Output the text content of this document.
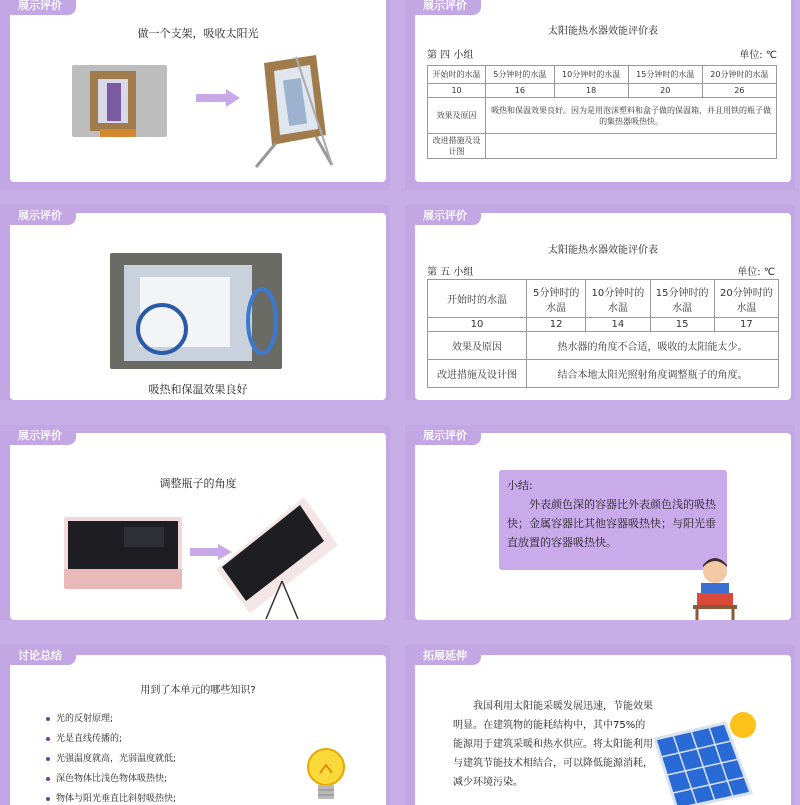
做一个支架，吸收太阳光
展示评价
太阳能热水器效能评价表
第 四 小组	单位: ℃
开始时的水温	5分钟时的水温	10分钟时的水温	15分钟时的水温	20分钟时的水温
10	16	18	20	26
效果及原因	吸热和保温效果良好。因为是用泡沫塑料和盒子做的保温箱，并且用铁的瓶子做的集热器吸热快。			
改进措施及设计图				
展示评价
吸热和保温效果良好
展示评价
太阳能热水器效能评价表
第 五 小组	单位: ℃
开始时的水温	5分钟时的水温	10分钟时的水温	15分钟时的水温	20分钟时的水温
10	12	14	15	17
效果及原因	热水器的角度不合适，吸收的太阳能太少。			
改进措施及设计图	结合本地太阳光照射角度调整瓶子的角度。			
展示评价
调整瓶子的角度
展示评价
小结:
外表颜色深的容器比外表颜色浅的吸热快；金属容器比其他容器吸热快；与阳光垂直放置的容器吸热快。
展示评价
用到了本单元的哪些知识?
光的反射原理;
光是直线传播的;
光强温度就高，光弱温度就低;
深色物体比浅色物体吸热快;
物体与阳光垂直比斜射吸热快;
讨论总结
我国利用太阳能采暖发展迅速，节能效果明显。在建筑物的能耗结构中，其中75%的能源用于建筑采暖和热水供应。将太阳能利用与建筑节能技术相结合，可以降低能源消耗，减少环境污染。
拓展延伸
